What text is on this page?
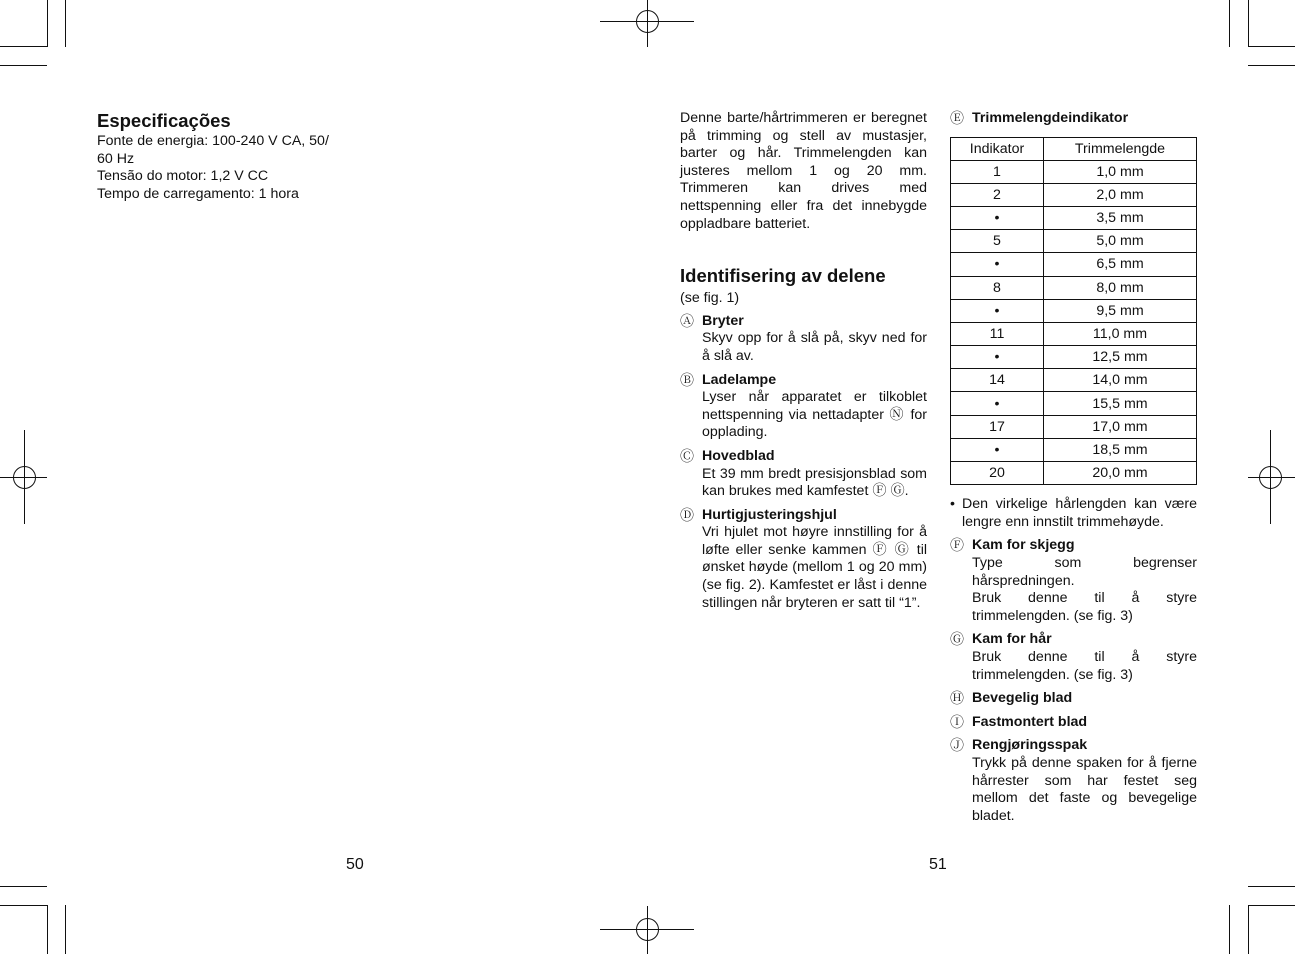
Especificações
Fonte de energia: 100-240 V CA, 50/
60 Hz
Tensão do motor: 1,2 V CC
Tempo de carregamento: 1 hora
50
Denne barte/hårtrimmeren er beregnet på trimming og stell av mustasjer, barter og hår. Trimmelengden kan justeres mellom 1 og 20 mm. Trimmeren kan drives med nettspenning eller fra det innebygde oppladbare batteriet.
Identifisering av delene
(se fig. 1)
Ⓐ Bryter
Skyv opp for å slå på, skyv ned for å slå av.
Ⓑ Ladelampe
Lyser når apparatet er tilkoblet nettspenning via nettadapter Ⓝ for opplading.
Ⓒ Hovedblad
Et 39 mm bredt presisjonsblad som kan brukes med kamfestet Ⓕ Ⓖ.
Ⓓ Hurtigjusteringshjul
Vri hjulet mot høyre innstilling for å løfte eller senke kammen Ⓕ Ⓖ til ønsket høyde (mellom 1 og 20 mm) (se fig. 2). Kamfestet er låst i denne stillingen når bryteren er satt til “1”.
Ⓔ Trimmelengdeindikator
Indikator	Trimmelengde
1	1,0 mm
2	2,0 mm
•	3,5 mm
5	5,0 mm
•	6,5 mm
8	8,0 mm
•	9,5 mm
11	11,0 mm
•	12,5 mm
14	14,0 mm
•	15,5 mm
17	17,0 mm
•	18,5 mm
20	20,0 mm
• Den virkelige hårlengden kan være lengre enn innstilt trimmehøyde.
Ⓕ Kam for skjegg
Type som begrenser hårspredningen.
Bruk denne til å styre trimmelengden. (se fig. 3)
Ⓖ Kam for hår
Bruk denne til å styre trimmelengden. (se fig. 3)
Ⓗ Bevegelig blad
Ⓘ Fastmontert blad
Ⓙ Rengjøringsspak
Trykk på denne spaken for å fjerne hårrester som har festet seg mellom det faste og bevegelige bladet.
51
